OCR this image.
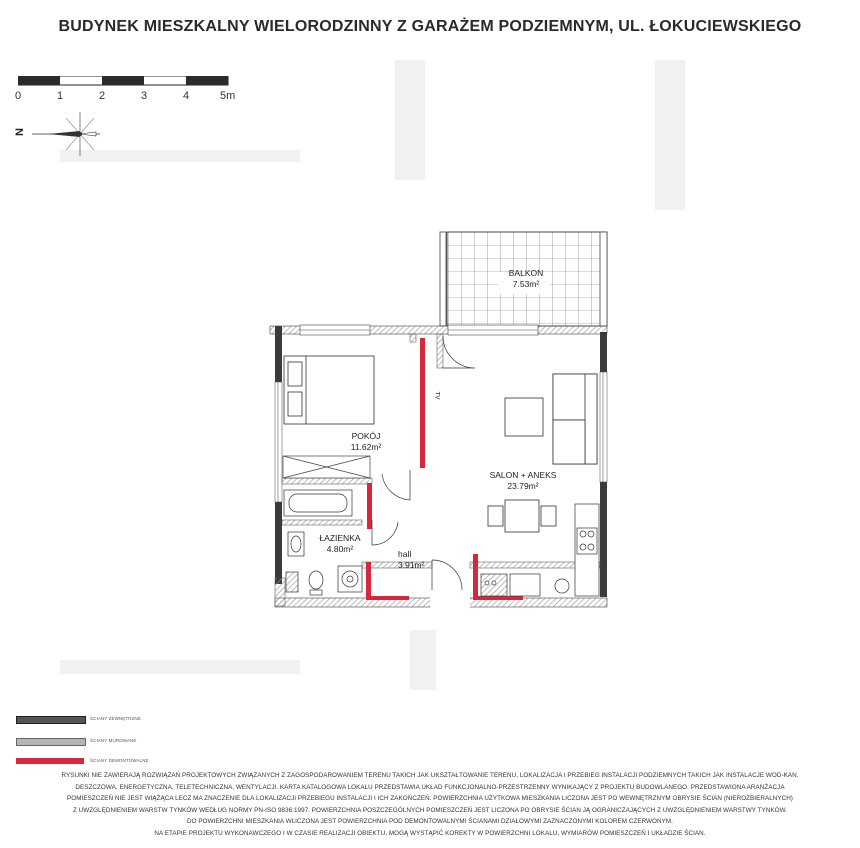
BUDYNEK MIESZKALNY WIELORODZINNY Z GARAŻEM PODZIEMNYM, UL. ŁOKUCIEWSKIEGO
0	1	2	3	4	5m
N
BALKON
7.53m²
POKÓJ
11.62m²
SALON + ANEKS
23.79m²
ŁAZIENKA
4.80m²	hall
3.91m²
TV
ŚCIANY ZEWNĘTRZNE
ŚCIANY MUROWANE
ŚCIANY DEMONTOWALNE
RYSUNKI NIE ZAWIERAJĄ ROZWIĄZAŃ PROJEKTOWYCH ZWIĄZANYCH Z ZAGOSPODAROWANIEM TERENU TAKICH JAK UKSZTAŁTOWANIE TERENU, LOKALIZACJA I PRZEBIEG INSTALACJI PODZIEMNYCH TAKICH JAK INSTALACJE WOD-KAN,
DESZCZOWA, ENERGETYCZNA, TELETECHNICZNA, WENTYLACJI. KARTA KATALOGOWA LOKALU PRZEDSTAWIA UKŁAD FUNKCJONALNO-PRZESTRZENNY WYNIKAJĄCY Z PROJEKTU BUDOWLANEGO. PRZEDSTAWIONA ARANŻACJA
POMIESZCZEŃ NIE JEST WIĄŻĄCA LECZ MA ZNACZENIE DLA LOKALIZACJI PRZEBIEGU INSTALACJI I ICH ZAKOŃCZEŃ. POWIERZCHNIA UŻYTKOWA MIESZKANIA LICZONA JEST PO WEWNĘTRZNYM OBRYSIE ŚCIAN (NIEROZBIERALNYCH)
Z UWZGLĘDNIENIEM WARSTW TYNKÓW WEDŁUG NORMY PN-ISO 9836:1997. POWIERZCHNIA POSZCZEGÓLNYCH POMIESZCZEŃ JEST LICZONA PO OBRYSIE ŚCIAN JĄ OGRANICZAJĄCYCH Z UWZGLĘDNIENIEM WARSTWY TYNKÓW.
DO POWIERZCHNI MIESZKANIA WLICZONA JEST POWIERZCHNIA POD DEMONTOWALNYMI ŚCIANAMI DZIAŁOWYMI ZAZNACZONYMI KOLOREM CZERWONYM.
NA ETAPIE PROJEKTU WYKONAWCZEGO I W CZASIE REALIZACJI OBIEKTU, MOGĄ WYSTĄPIĆ KOREKTY W POWIERZCHNI LOKALU, WYMIARÓW POMIESZCZEŃ I UKŁADZIE ŚCIAN.
